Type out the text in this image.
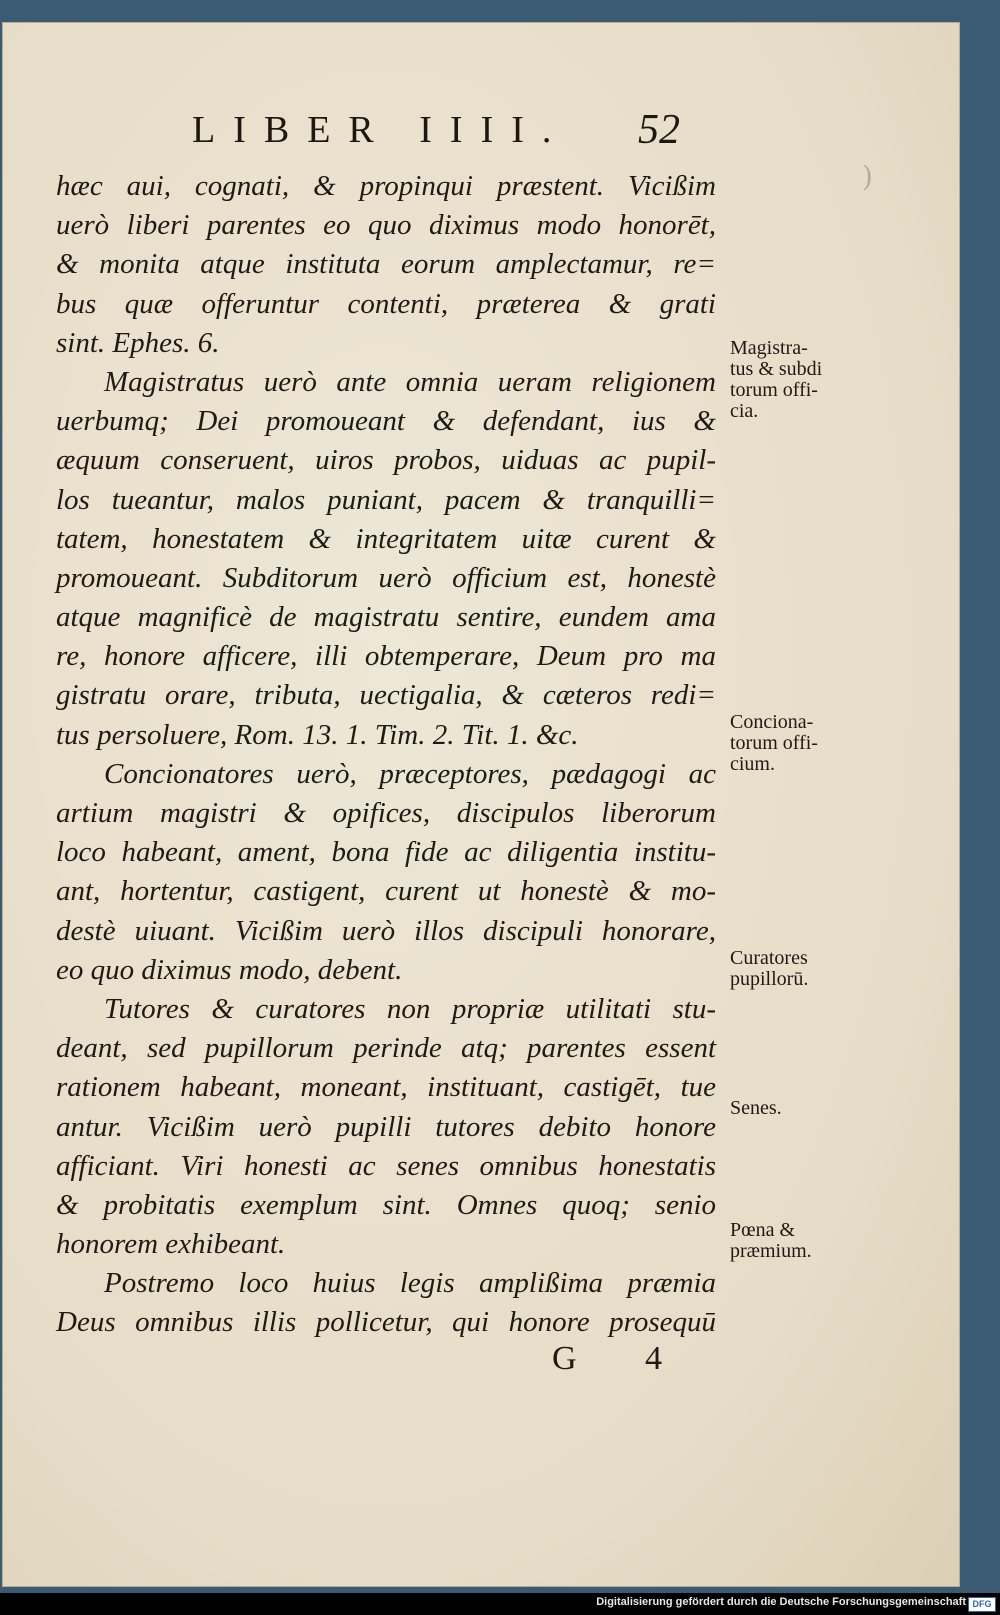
LIBER IIII. 52
)
hæc aui, cognati, & propinqui præstent. Vicißim
uerò liberi parentes eo quo diximus modo honorēt,
& monita atque instituta eorum amplectamur, re=
bus quæ offeruntur contenti, præterea & grati
sint. Ephes. 6.
Magistratus uerò ante omnia ueram religionem
uerbumq; Dei promoueant & defendant, ius &
æquum conseruent, uiros probos, uiduas ac pupil-
los tueantur, malos puniant, pacem & tranquilli=
tatem, honestatem & integritatem uitæ curent &
promoueant. Subditorum uerò officium est, honestè
atque magnificè de magistratu sentire, eundem ama
re, honore afficere, illi obtemperare, Deum pro ma
gistratu orare, tributa, uectigalia, & cæteros redi=
tus persoluere, Rom. 13. 1. Tim. 2. Tit. 1. &c.
Concionatores uerò, præceptores, pædagogi ac
artium magistri & opifices, discipulos liberorum
loco habeant, ament, bona fide ac diligentia institu-
ant, hortentur, castigent, curent ut honestè & mo-
destè uiuant. Vicißim uerò illos discipuli honorare,
eo quo diximus modo, debent.
Tutores & curatores non propriæ utilitati stu-
deant, sed pupillorum perinde atq; parentes essent
rationem habeant, moneant, instituant, castigēt, tue
antur. Vicißim uerò pupilli tutores debito honore
afficiant. Viri honesti ac senes omnibus honestatis
& probitatis exemplum sint. Omnes quoq; senio
honorem exhibeant.
Postremo loco huius legis amplißima præmia
Deus omnibus illis pollicetur, qui honore prosequū
Magistra-
tus & subdi
torum offi-
cia.
Conciona-
torum offi-
cium.
Curatores
pupillorū.
Senes.
Pœna &
præmium.
G 4
Digitalisierung gefördert durch die Deutsche Forschungsgemeinschaft DFG
